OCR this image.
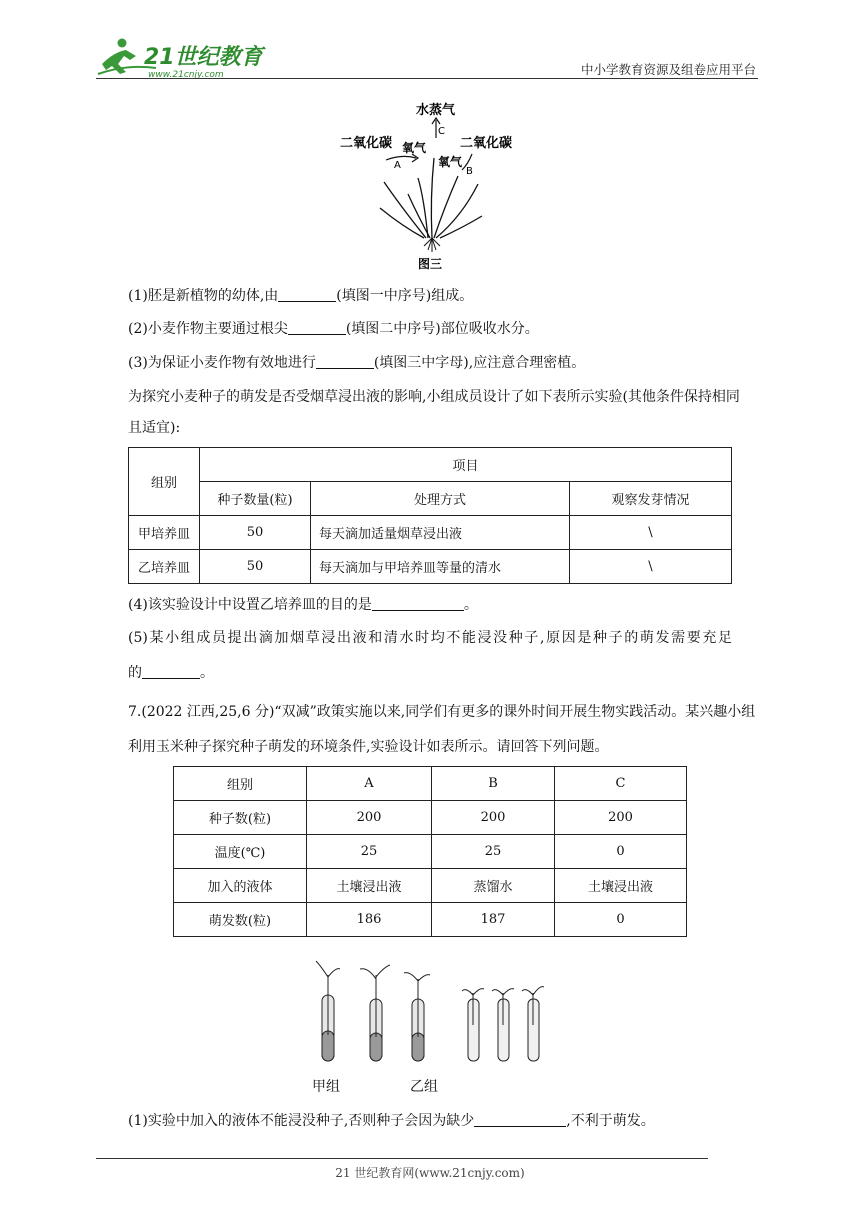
21世纪教育
www.21cnjy.com	中小学教育资源及组卷应用平台
水蒸气
C
二氧化碳	二氧化碳
氧气
氧气
A
B
图三
(1)胚是新植物的幼体,由	(填图一中序号)组成。
(2)小麦作物主要通过根尖	(填图二中序号)部位吸收水分。
(3)为保证小麦作物有效地进行	(填图三中字母),应注意合理密植。
为探究小麦种子的萌发是否受烟草浸出液的影响,小组成员设计了如下表所示实验(其他条件保持相同
且适宜):
组别	项目		
	种子数量(粒)	处理方式	观察发芽情况
甲培养皿	50	每天滴加适量烟草浸出液	\
乙培养皿	50	每天滴加与甲培养皿等量的清水	\
(4)该实验设计中设置乙培养皿的目的是	。
(5)某小组成员提出滴加烟草浸出液和清水时均不能浸没种子,原因是种子的萌发需要充足
的	。
7.(2022 江西,25,6 分)“双减”政策实施以来,同学们有更多的课外时间开展生物实践活动。某兴趣小组
利用玉米种子探究种子萌发的环境条件,实验设计如表所示。请回答下列问题。
组别	A	B	C
种子数(粒)	200	200	200
温度(℃)	25	25	0
加入的液体	土壤浸出液	蒸馏水	土壤浸出液
萌发数(粒)	186	187	0
甲组	乙组
(1)实验中加入的液体不能浸没种子,否则种子会因为缺少	,不利于萌发。
21 世纪教育网(www.21cnjy.com)
